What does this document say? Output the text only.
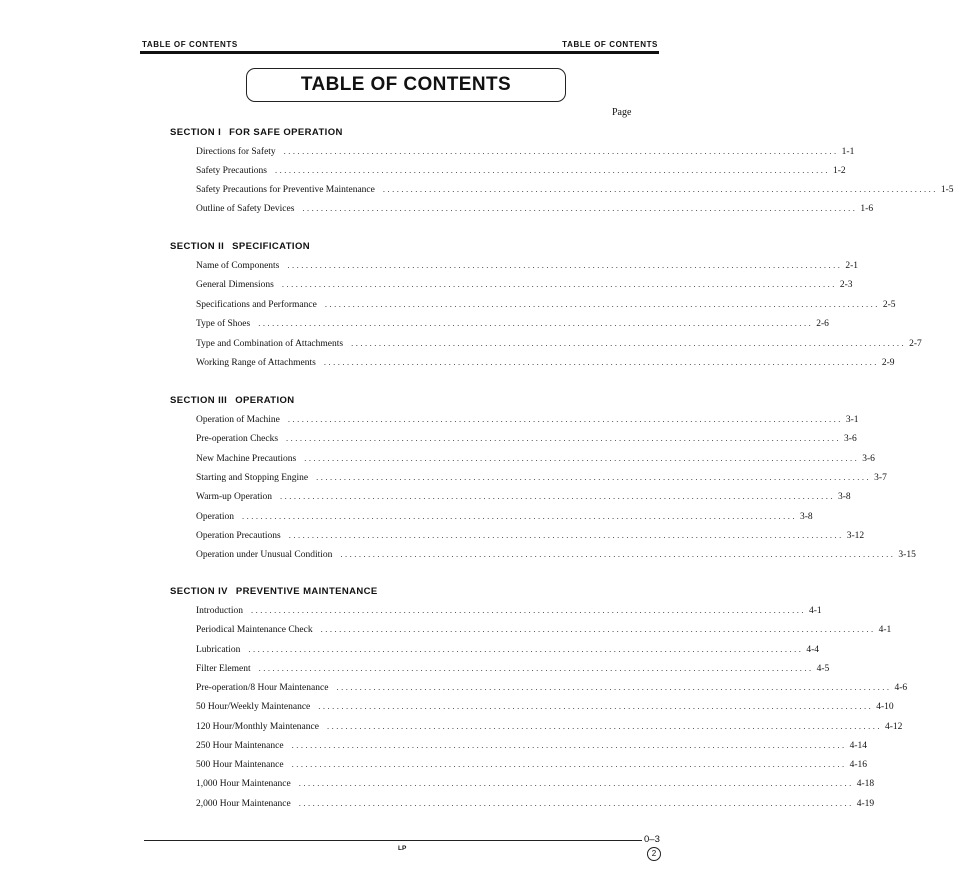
TABLE OF CONTENTS	TABLE OF CONTENTS
TABLE OF CONTENTS
Page
SECTION I FOR SAFE OPERATION
Directions for Safety ........................................................................................................................ 1-1
Safety Precautions ........................................................................................................................ 1-2
Safety Precautions for Preventive Maintenance ........................................................................................................................ 1-5
Outline of Safety Devices ........................................................................................................................ 1-6
SECTION II SPECIFICATION
Name of Components ........................................................................................................................ 2-1
General Dimensions ........................................................................................................................ 2-3
Specifications and Performance ........................................................................................................................ 2-5
Type of Shoes ........................................................................................................................ 2-6
Type and Combination of Attachments ........................................................................................................................ 2-7
Working Range of Attachments ........................................................................................................................ 2-9
SECTION III OPERATION
Operation of Machine ........................................................................................................................ 3-1
Pre-operation Checks ........................................................................................................................ 3-6
New Machine Precautions ........................................................................................................................ 3-6
Starting and Stopping Engine ........................................................................................................................ 3-7
Warm-up Operation ........................................................................................................................ 3-8
Operation ........................................................................................................................ 3-8
Operation Precautions ........................................................................................................................ 3-12
Operation under Unusual Condition ........................................................................................................................ 3-15
SECTION IV PREVENTIVE MAINTENANCE
Introduction ........................................................................................................................ 4-1
Periodical Maintenance Check ........................................................................................................................ 4-1
Lubrication ........................................................................................................................ 4-4
Filter Element ........................................................................................................................ 4-5
Pre-operation/8 Hour Maintenance ........................................................................................................................ 4-6
50 Hour/Weekly Maintenance ........................................................................................................................ 4-10
120 Hour/Monthly Maintenance ........................................................................................................................ 4-12
250 Hour Maintenance ........................................................................................................................ 4-14
500 Hour Maintenance ........................................................................................................................ 4-16
1,000 Hour Maintenance ........................................................................................................................ 4-18
2,000 Hour Maintenance ........................................................................................................................ 4-19
LP
0–3
2
